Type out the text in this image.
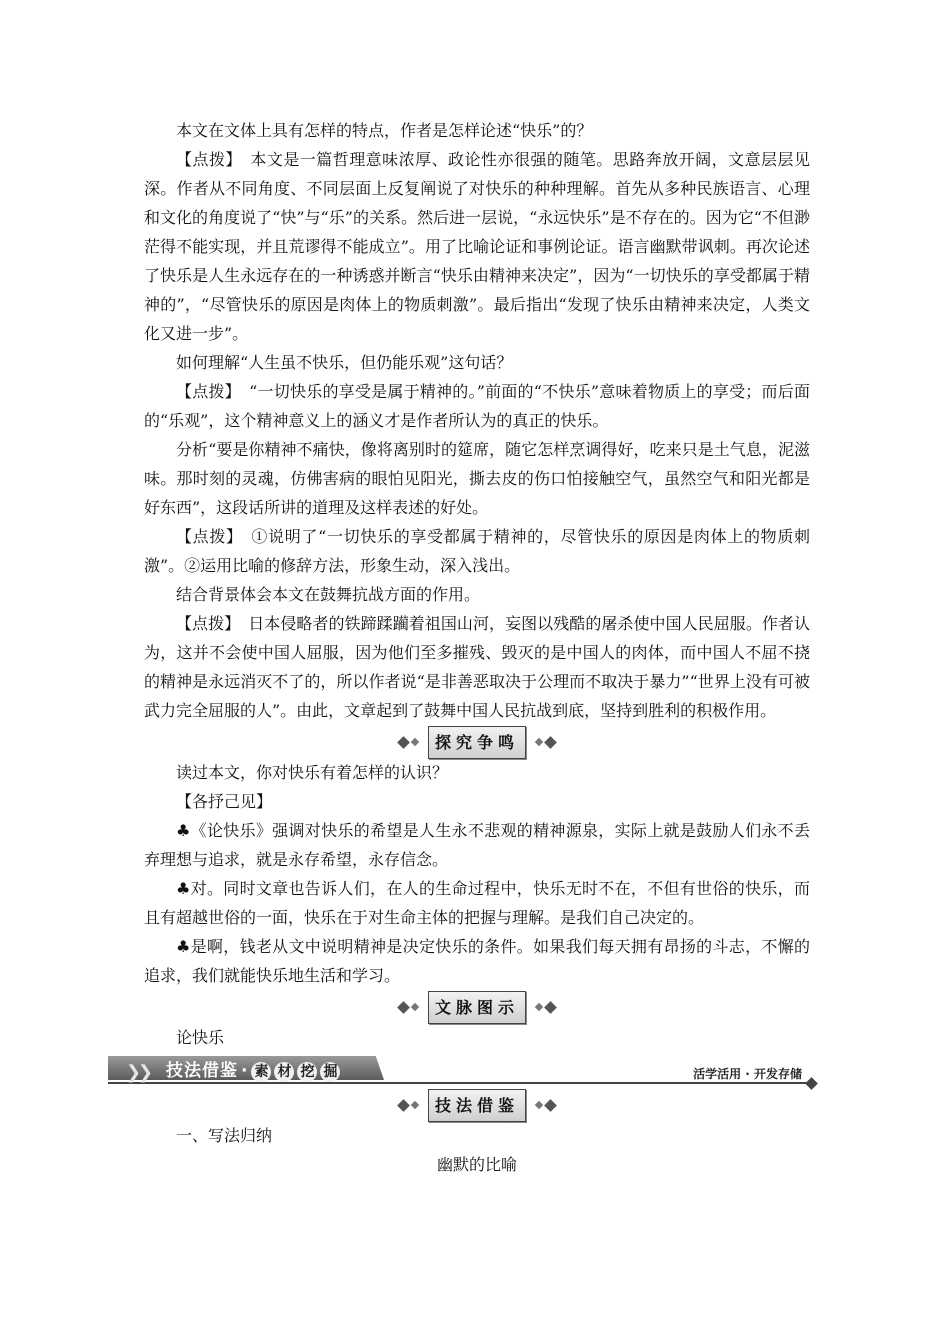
本文在文体上具有怎样的特点，作者是怎样论述“快乐”的？

【点拨】　本文是一篇哲理意味浓厚、政论性亦很强的随笔。思路奔放开阔，文意层层见深。作者从不同角度、不同层面上反复阐说了对快乐的种种理解。首先从多种民族语言、心理和文化的角度说了“快”与“乐”的关系。然后进一层说，“永远快乐”是不存在的。因为它“不但渺茫得不能实现，并且荒谬得不能成立”。用了比喻论证和事例论证。语言幽默带讽刺。再次论述了快乐是人生永远存在的一种诱惑并断言“快乐由精神来决定”，因为“一切快乐的享受都属于精神的”，“尽管快乐的原因是肉体上的物质刺激”。最后指出“发现了快乐由精神来决定，人类文化又进一步”。

如何理解“人生虽不快乐，但仍能乐观”这句话？

【点拨】　“一切快乐的享受是属于精神的。”前面的“不快乐”意味着物质上的享受；而后面的“乐观”，这个精神意义上的涵义才是作者所认为的真正的快乐。

分析“要是你精神不痛快，像将离别时的筵席，随它怎样烹调得好，吃来只是土气息，泥滋味。那时刻的灵魂，仿佛害病的眼怕见阳光，撕去皮的伤口怕接触空气，虽然空气和阳光都是好东西”，这段话所讲的道理及这样表述的好处。

【点拨】　①说明了“一切快乐的享受都属于精神的，尽管快乐的原因是肉体上的物质刺激”。②运用比喻的修辞方法，形象生动，深入浅出。

结合背景体会本文在鼓舞抗战方面的作用。

【点拨】　日本侵略者的铁蹄蹂躏着祖国山河，妄图以残酷的屠杀使中国人民屈服。作者认为，这并不会使中国人屈服，因为他们至多摧残、毁灭的是中国人的肉体，而中国人不屈不挠的精神是永远消灭不了的，所以作者说“是非善恶取决于公理而不取决于暴力”“世界上没有可被武力完全屈服的人”。由此，文章起到了鼓舞中国人民抗战到底，坚持到胜利的积极作用。

探究争鸣

读过本文，你对快乐有着怎样的认识？

【各抒己见】

♣《论快乐》强调对快乐的希望是人生永不悲观的精神源泉，实际上就是鼓励人们永不丢弃理想与追求，就是永存希望，永存信念。

♣对。同时文章也告诉人们，在人的生命过程中，快乐无时不在，不但有世俗的快乐，而且有超越世俗的一面，快乐在于对生命主体的把握与理解。是我们自己决定的。

♣是啊，钱老从文中说明精神是决定快乐的条件。如果我们每天拥有昂扬的斗志，不懈的追求，我们就能快乐地生活和学习。

文脉图示

论快乐

❯
❯ 技法借鉴 · 素 材 挖 掘	活学活用 · 开发存储
技法借鉴

一、写法归纳

幽默的比喻
